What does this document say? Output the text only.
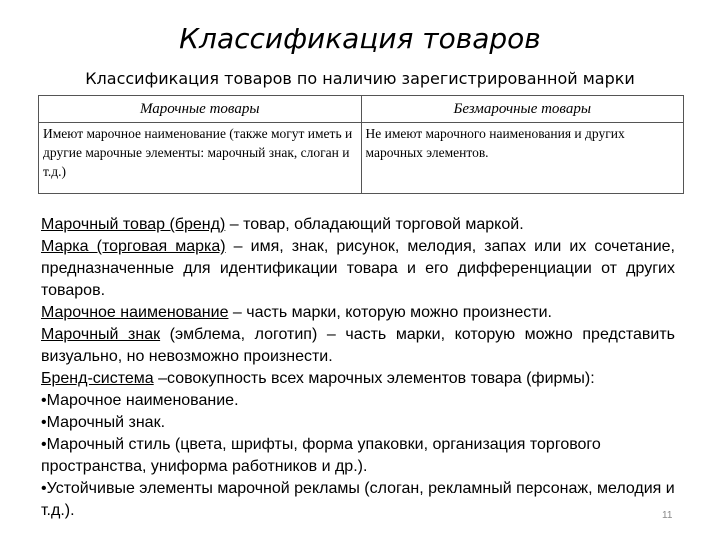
Классификация товаров
Классификация товаров по наличию зарегистрированной марки
Марочные товары	Безмарочные товары
Имеют марочное наименование (также могут иметь и другие марочные элементы: марочный знак, слоган и т.д.)	Не имеют марочного наименования и других марочных элементов.

Марочный товар (бренд) – товар, обладающий торговой маркой.

Марка (торговая марка) – имя, знак, рисунок, мелодия, запах или их сочетание, предназначенные для идентификации товара и его дифференциации от других товаров.

Марочное наименование – часть марки, которую можно произнести.

Марочный знак (эмблема, логотип) – часть марки, которую можно представить визуально, но невозможно произнести.

Бренд-система –совокупность всех марочных элементов товара (фирмы):

•Марочное наименование.

•Марочный знак.

•Марочный стиль (цвета, шрифты, форма упаковки, организация торгового пространства, униформа работников и др.).

•Устойчивые элементы марочной рекламы (слоган, рекламный персонаж, мелодия и т.д.).	11
